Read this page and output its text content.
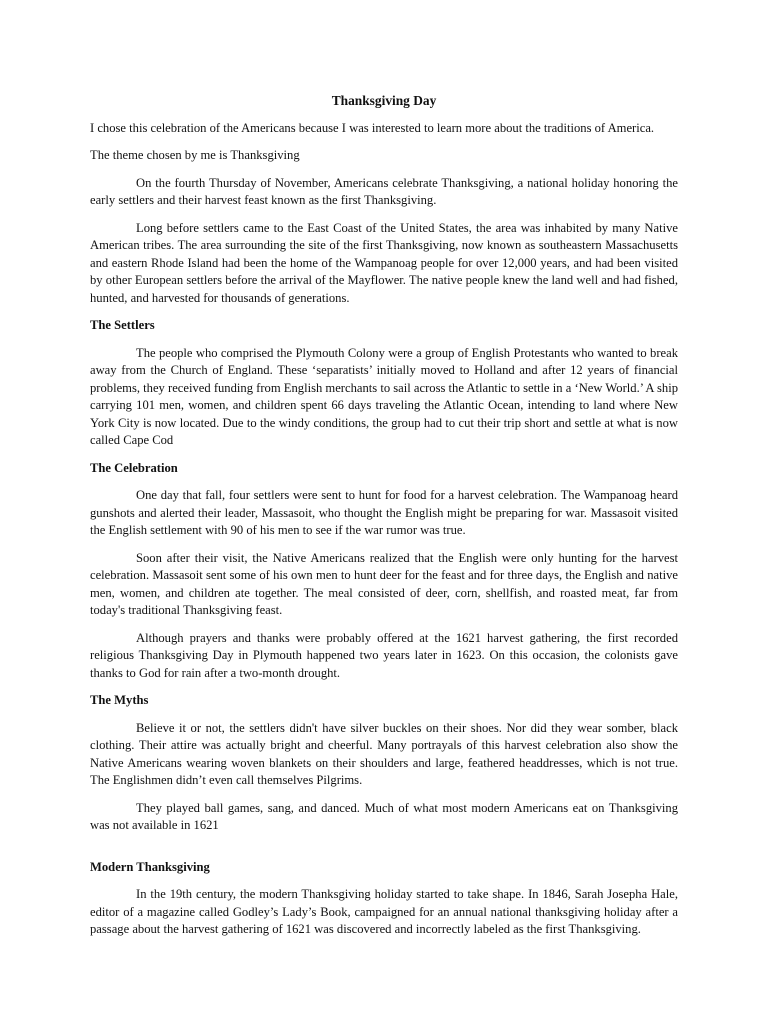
Thanksgiving Day

I chose this celebration of the Americans because I was interested to learn more about the traditions of America.

The theme chosen by me is Thanksgiving

On the fourth Thursday of November, Americans celebrate Thanksgiving, a national holiday honoring the early settlers and their harvest feast known as the first Thanksgiving.

Long before settlers came to the East Coast of the United States, the area was inhabited by many Native American tribes. The area surrounding the site of the first Thanksgiving, now known as southeastern Massachusetts and eastern Rhode Island had been the home of the Wampanoag people for over 12,000 years, and had been visited by other European settlers before the arrival of the Mayflower. The native people knew the land well and had fished, hunted, and harvested for thousands of generations.

The Settlers

The people who comprised the Plymouth Colony were a group of English Protestants who wanted to break away from the Church of England. These ‘separatists’ initially moved to Holland and after 12 years of financial problems, they received funding from English merchants to sail across the Atlantic to settle in a ‘New World.’ A ship carrying 101 men, women, and children spent 66 days traveling the Atlantic Ocean, intending to land where New York City is now located. Due to the windy conditions, the group had to cut their trip short and settle at what is now called Cape Cod

The Celebration

One day that fall, four settlers were sent to hunt for food for a harvest celebration. The Wampanoag heard gunshots and alerted their leader, Massasoit, who thought the English might be preparing for war. Massasoit visited the English settlement with 90 of his men to see if the war rumor was true.

Soon after their visit, the Native Americans realized that the English were only hunting for the harvest celebration. Massasoit sent some of his own men to hunt deer for the feast and for three days, the English and native men, women, and children ate together. The meal consisted of deer, corn, shellfish, and roasted meat, far from today's traditional Thanksgiving feast.

Although prayers and thanks were probably offered at the 1621 harvest gathering, the first recorded religious Thanksgiving Day in Plymouth happened two years later in 1623. On this occasion, the colonists gave thanks to God for rain after a two-month drought.

The Myths

Believe it or not, the settlers didn't have silver buckles on their shoes. Nor did they wear somber, black clothing. Their attire was actually bright and cheerful. Many portrayals of this harvest celebration also show the Native Americans wearing woven blankets on their shoulders and large, feathered headdresses, which is not true. The Englishmen didn’t even call themselves Pilgrims.

They played ball games, sang, and danced. Much of what most modern Americans eat on Thanksgiving was not available in 1621

Modern Thanksgiving

In the 19th century, the modern Thanksgiving holiday started to take shape. In 1846, Sarah Josepha Hale, editor of a magazine called Godley’s Lady’s Book, campaigned for an annual national thanksgiving holiday after a passage about the harvest gathering of 1621 was discovered and incorrectly labeled as the first Thanksgiving.
